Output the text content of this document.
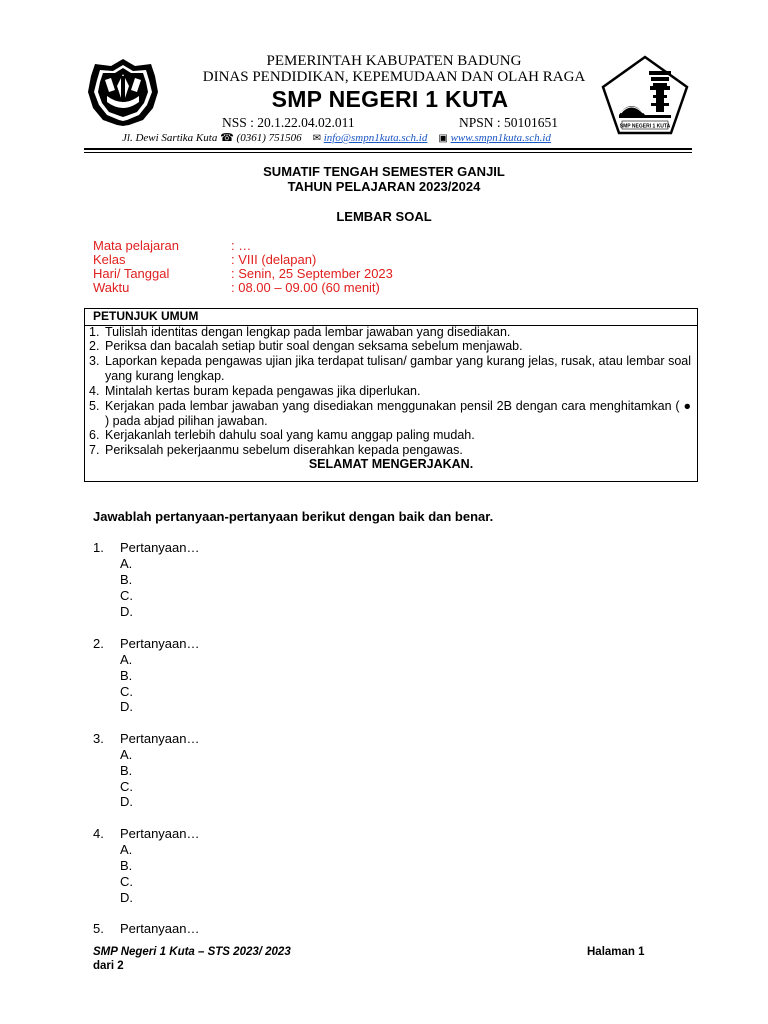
SMP NEGERI 1 KUTA
PEMERINTAH KABUPATEN BADUNG
DINAS PENDIDIKAN, KEPEMUDAAN DAN OLAH RAGA
SMP NEGERI 1 KUTA
NSS : 20.1.22.04.02.011	NPSN : 50101651
Jl. Dewi Sartika Kuta ☎ (0361) 751506 ✉ info@smpn1kuta.sch.id ▣ www.smpn1kuta.sch.id
SUMATIF TENGAH SEMESTER GANJIL
TAHUN PELAJARAN 2023/2024
LEMBAR SOAL
Mata pelajaran	: …
Kelas	: VIII (delapan)
Hari/ Tanggal	: Senin, 25 September 2023
Waktu	: 08.00 – 09.00 (60 menit)
PETUNJUK UMUM
1. Tulislah identitas dengan lengkap pada lembar jawaban yang disediakan.
2. Periksa dan bacalah setiap butir soal dengan seksama sebelum menjawab.
3. Laporkan kepada pengawas ujian jika terdapat tulisan/ gambar yang kurang jelas, rusak, atau lembar soal yang kurang lengkap.
4. Mintalah kertas buram kepada pengawas jika diperlukan.
5. Kerjakan pada lembar jawaban yang disediakan menggunakan pensil 2B dengan cara menghitamkan ( ● ) pada abjad pilihan jawaban.
6. Kerjakanlah terlebih dahulu soal yang kamu anggap paling mudah.
7. Periksalah pekerjaanmu sebelum diserahkan kepada pengawas.
SELAMAT MENGERJAKAN.
Jawablah pertanyaan-pertanyaan berikut dengan baik dan benar.
1. Pertanyaan…
A.
B.
C.
D.
2. Pertanyaan…
A.
B.
C.
D.
3. Pertanyaan…
A.
B.
C.
D.
4. Pertanyaan…
A.
B.
C.
D.
5. Pertanyaan…
SMP Negeri 1 Kuta – STS 2023/ 2023	Halaman 1
dari 2
